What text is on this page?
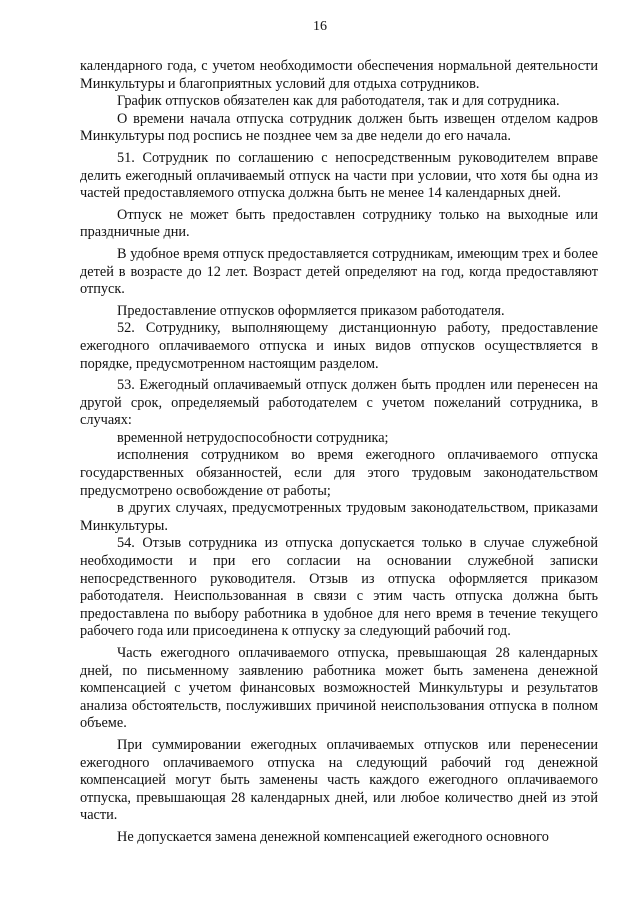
16

календарного года, с учетом необходимости обеспечения нормальной деятельности Минкультуры и благоприятных условий для отдыха сотрудников.

График отпусков обязателен как для работодателя, так и для сотрудника.

О времени начала отпуска сотрудник должен быть извещен отделом кадров Минкультуры под роспись не позднее чем за две недели до его начала.

51. Сотрудник по соглашению с непосредственным руководителем вправе делить ежегодный оплачиваемый отпуск на части при условии, что хотя бы одна из частей предоставляемого отпуска должна быть не менее 14 календарных дней.

Отпуск не может быть предоставлен сотруднику только на выходные или праздничные дни.

В удобное время отпуск предоставляется сотрудникам, имеющим трех и более детей в возрасте до 12 лет. Возраст детей определяют на год, когда предоставляют отпуск.

Предоставление отпусков оформляется приказом работодателя.

52. Сотруднику, выполняющему дистанционную работу, предоставление ежегодного оплачиваемого отпуска и иных видов отпусков осуществляется в порядке, предусмотренном настоящим разделом.

53. Ежегодный оплачиваемый отпуск должен быть продлен или перенесен на другой срок, определяемый работодателем с учетом пожеланий сотрудника, в случаях:

временной нетрудоспособности сотрудника;

исполнения сотрудником во время ежегодного оплачиваемого отпуска государственных обязанностей, если для этого трудовым законодательством предусмотрено освобождение от работы;

в других случаях, предусмотренных трудовым законодательством, приказами Минкультуры.

54. Отзыв сотрудника из отпуска допускается только в случае служебной необходимости и при его согласии на основании служебной записки непосредственного руководителя. Отзыв из отпуска оформляется приказом работодателя. Неиспользованная в связи с этим часть отпуска должна быть предоставлена по выбору работника в удобное для него время в течение текущего рабочего года или присоединена к отпуску за следующий рабочий год.

Часть ежегодного оплачиваемого отпуска, превышающая 28 календарных дней, по письменному заявлению работника может быть заменена денежной компенсацией с учетом финансовых возможностей Минкультуры и результатов анализа обстоятельств, послуживших причиной неиспользования отпуска в полном объеме.

При суммировании ежегодных оплачиваемых отпусков или перенесении ежегодного оплачиваемого отпуска на следующий рабочий год денежной компенсацией могут быть заменены часть каждого ежегодного оплачиваемого отпуска, превышающая 28 календарных дней, или любое количество дней из этой части.

Не допускается замена денежной компенсацией ежегодного основного
